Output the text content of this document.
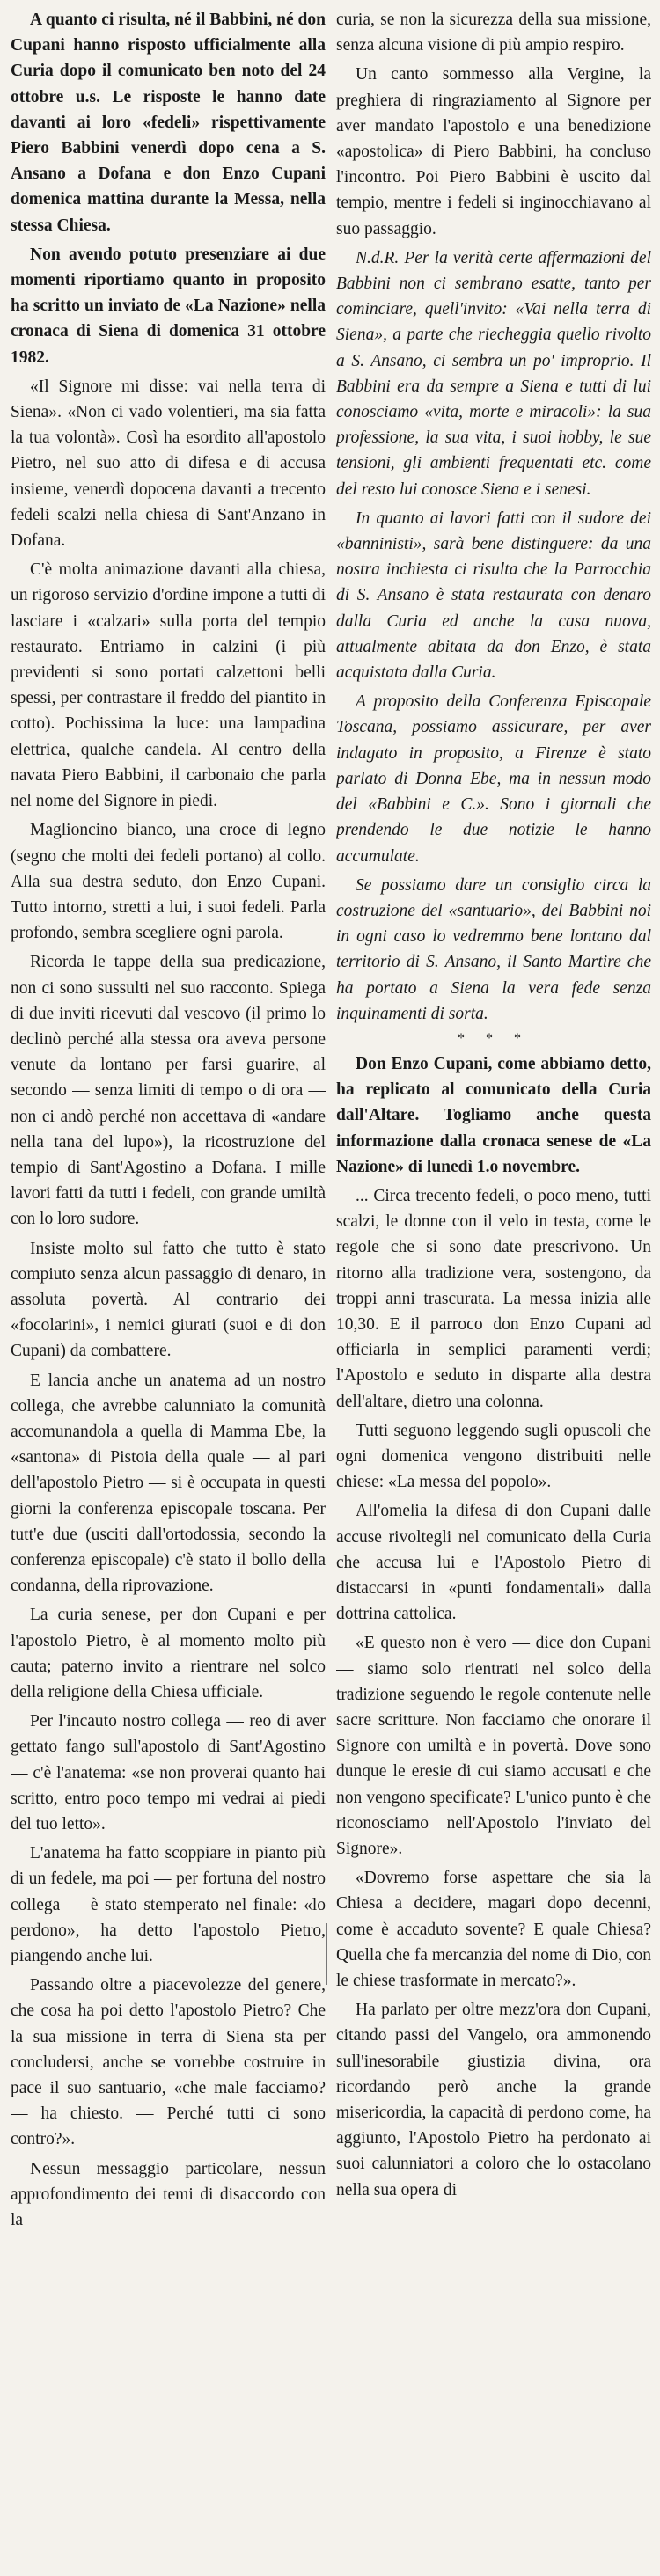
A quanto ci risulta, né il Babbini, né don Cupani hanno risposto ufficialmente alla Curia dopo il comunicato ben noto del 24 ottobre u.s. Le risposte le hanno date davanti ai loro «fedeli» rispettivamente Piero Babbini venerdì dopo cena a S. Ansano a Dofana e don Enzo Cupani domenica mattina durante la Messa, nella stessa Chiesa.

Non avendo potuto presenziare ai due momenti riportiamo quanto in proposito ha scritto un inviato de «La Nazione» nella cronaca di Siena di domenica 31 ottobre 1982.

«Il Signore mi disse: vai nella terra di Siena». «Non ci vado volentieri, ma sia fatta la tua volontà». Così ha esordito all'apostolo Pietro, nel suo atto di difesa e di accusa insieme, venerdì dopocena davanti a trecento fedeli scalzi nella chiesa di Sant'Anzano in Dofana.

C'è molta animazione davanti alla chiesa, un rigoroso servizio d'ordine impone a tutti di lasciare i «calzari» sulla porta del tempio restaurato. Entriamo in calzini (i più previdenti si sono portati calzettoni belli spessi, per contrastare il freddo del piantito in cotto). Pochissima la luce: una lampadina elettrica, qualche candela. Al centro della navata Piero Babbini, il carbonaio che parla nel nome del Signore in piedi.

Maglioncino bianco, una croce di legno (segno che molti dei fedeli portano) al collo. Alla sua destra seduto, don Enzo Cupani. Tutto intorno, stretti a lui, i suoi fedeli. Parla profondo, sembra scegliere ogni parola.

Ricorda le tappe della sua predicazione, non ci sono sussulti nel suo racconto. Spiega di due inviti ricevuti dal vescovo (il primo lo declinò perché alla stessa ora aveva persone venute da lontano per farsi guarire, al secondo — senza limiti di tempo o di ora — non ci andò perché non accettava di «andare nella tana del lupo»), la ricostruzione del tempio di Sant'Agostino a Dofana. I mille lavori fatti da tutti i fedeli, con grande umiltà con lo loro sudore.

Insiste molto sul fatto che tutto è stato compiuto senza alcun passaggio di denaro, in assoluta povertà. Al contrario dei «focolarini», i nemici giurati (suoi e di don Cupani) da combattere.

E lancia anche un anatema ad un nostro collega, che avrebbe calunniato la comunità accomunandola a quella di Mamma Ebe, la «santona» di Pistoia della quale — al pari dell'apostolo Pietro — si è occupata in questi giorni la conferenza episcopale toscana. Per tutt'e due (usciti dall'ortodossia, secondo la conferenza episcopale) c'è stato il bollo della condanna, della riprovazione.

La curia senese, per don Cupani e per l'apostolo Pietro, è al momento molto più cauta; paterno invito a rientrare nel solco della religione della Chiesa ufficiale.

Per l'incauto nostro collega — reo di aver gettato fango sull'apostolo di Sant'Agostino — c'è l'anatema: «se non proverai quanto hai scritto, entro poco tempo mi vedrai ai piedi del tuo letto».

L'anatema ha fatto scoppiare in pianto più di un fedele, ma poi — per fortuna del nostro collega — è stato stemperato nel finale: «lo perdono», ha detto l'apostolo Pietro, piangendo anche lui.

Passando oltre a piacevolezze del genere, che cosa ha poi detto l'apostolo Pietro? Che la sua missione in terra di Siena sta per concludersi, anche se vorrebbe costruire in pace il suo santuario, «che male facciamo? — ha chiesto. — Perché tutti ci sono contro?».

Nessun messaggio particolare, nessun approfondimento dei temi di disaccordo con la

curia, se non la sicurezza della sua missione, senza alcuna visione di più ampio respiro.

Un canto sommesso alla Vergine, la preghiera di ringraziamento al Signore per aver mandato l'apostolo e una benedizione «apostolica» di Piero Babbini, ha concluso l'incontro. Poi Piero Babbini è uscito dal tempio, mentre i fedeli si inginocchiavano al suo passaggio.

N.d.R. Per la verità certe affermazioni del Babbini non ci sembrano esatte, tanto per cominciare, quell'invito: «Vai nella terra di Siena», a parte che riecheggia quello rivolto a S. Ansano, ci sembra un po' improprio. Il Babbini era da sempre a Siena e tutti di lui conosciamo «vita, morte e miracoli»: la sua professione, la sua vita, i suoi hobby, le sue tensioni, gli ambienti frequentati etc. come del resto lui conosce Siena e i senesi.

In quanto ai lavori fatti con il sudore dei «banninisti», sarà bene distinguere: da una nostra inchiesta ci risulta che la Parrocchia di S. Ansano è stata restaurata con denaro dalla Curia ed anche la casa nuova, attualmente abitata da don Enzo, è stata acquistata dalla Curia.

A proposito della Conferenza Episcopale Toscana, possiamo assicurare, per aver indagato in proposito, a Firenze è stato parlato di Donna Ebe, ma in nessun modo del «Babbini e C.». Sono i giornali che prendendo le due notizie le hanno accumulate.

Se possiamo dare un consiglio circa la costruzione del «santuario», del Babbini noi in ogni caso lo vedremmo bene lontano dal territorio di S. Ansano, il Santo Martire che ha portato a Siena la vera fede senza inquinamenti di sorta.

* * *

Don Enzo Cupani, come abbiamo detto, ha replicato al comunicato della Curia dall'Altare. Togliamo anche questa informazione dalla cronaca senese de «La Nazione» di lunedì 1.o novembre.

... Circa trecento fedeli, o poco meno, tutti scalzi, le donne con il velo in testa, come le regole che si sono date prescrivono. Un ritorno alla tradizione vera, sostengono, da troppi anni trascurata. La messa inizia alle 10,30. E il parroco don Enzo Cupani ad officiarla in semplici paramenti verdi; l'Apostolo e seduto in disparte alla destra dell'altare, dietro una colonna.

Tutti seguono leggendo sugli opuscoli che ogni domenica vengono distribuiti nelle chiese: «La messa del popolo».

All'omelia la difesa di don Cupani dalle accuse rivoltegli nel comunicato della Curia che accusa lui e l'Apostolo Pietro di distaccarsi in «punti fondamentali» dalla dottrina cattolica.

«E questo non è vero — dice don Cupani — siamo solo rientrati nel solco della tradizione seguendo le regole contenute nelle sacre scritture. Non facciamo che onorare il Signore con umiltà e in povertà. Dove sono dunque le eresie di cui siamo accusati e che non vengono specificate? L'unico punto è che riconosciamo nell'Apostolo l'inviato del Signore».

«Dovremo forse aspettare che sia la Chiesa a decidere, magari dopo decenni, come è accaduto sovente? E quale Chiesa? Quella che fa mercanzia del nome di Dio, con le chiese trasformate in mercato?».

Ha parlato per oltre mezz'ora don Cupani, citando passi del Vangelo, ora ammonendo sull'inesorabile giustizia divina, ora ricordando però anche la grande misericordia, la capacità di perdono come, ha aggiunto, l'Apostolo Pietro ha perdonato ai suoi calunniatori a coloro che lo ostacolano nella sua opera di
